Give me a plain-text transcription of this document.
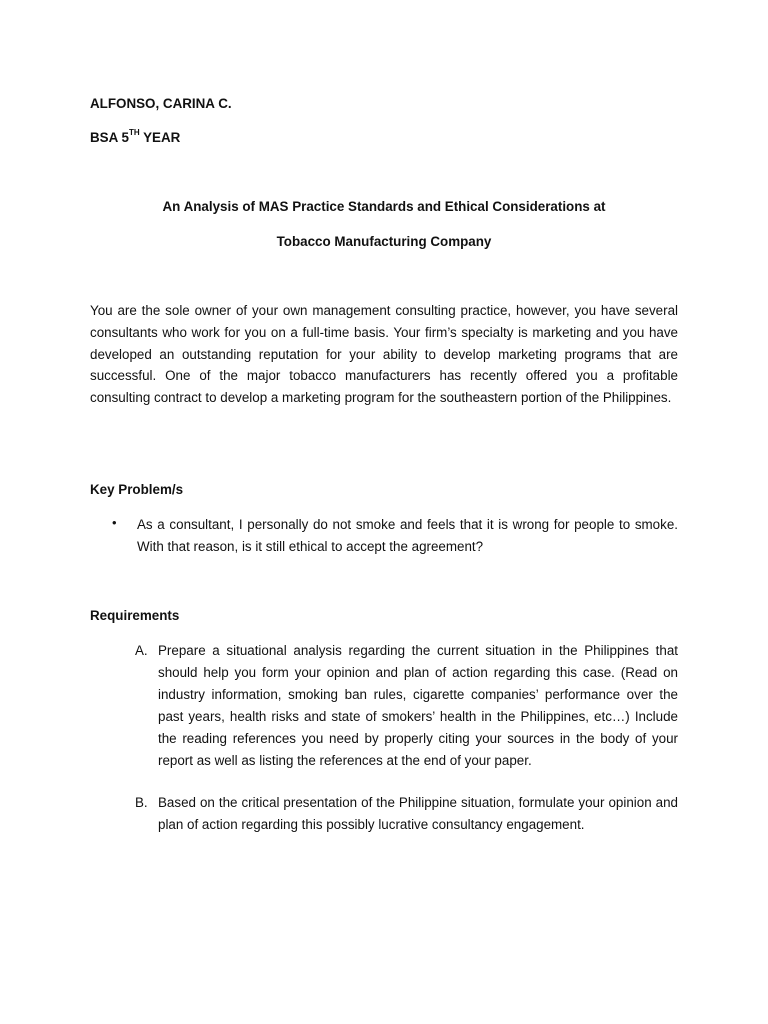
ALFONSO, CARINA C.
BSA 5TH YEAR
An Analysis of MAS Practice Standards and Ethical Considerations at
Tobacco Manufacturing Company

You are the sole owner of your own management consulting practice, however, you have several consultants who work for you on a full-time basis. Your firm’s specialty is marketing and you have developed an outstanding reputation for your ability to develop marketing programs that are successful. One of the major tobacco manufacturers has recently offered you a profitable consulting contract to develop a marketing program for the southeastern portion of the Philippines.

Key Problem/s
• As a consultant, I personally do not smoke and feels that it is wrong for people to smoke. With that reason, is it still ethical to accept the agreement?

Requirements
A. Prepare a situational analysis regarding the current situation in the Philippines that should help you form your opinion and plan of action regarding this case. (Read on industry information, smoking ban rules, cigarette companies’ performance over the past years, health risks and state of smokers’ health in the Philippines, etc…) Include the reading references you need by properly citing your sources in the body of your report as well as listing the references at the end of your paper.

B. Based on the critical presentation of the Philippine situation, formulate your opinion and plan of action regarding this possibly lucrative consultancy engagement.
